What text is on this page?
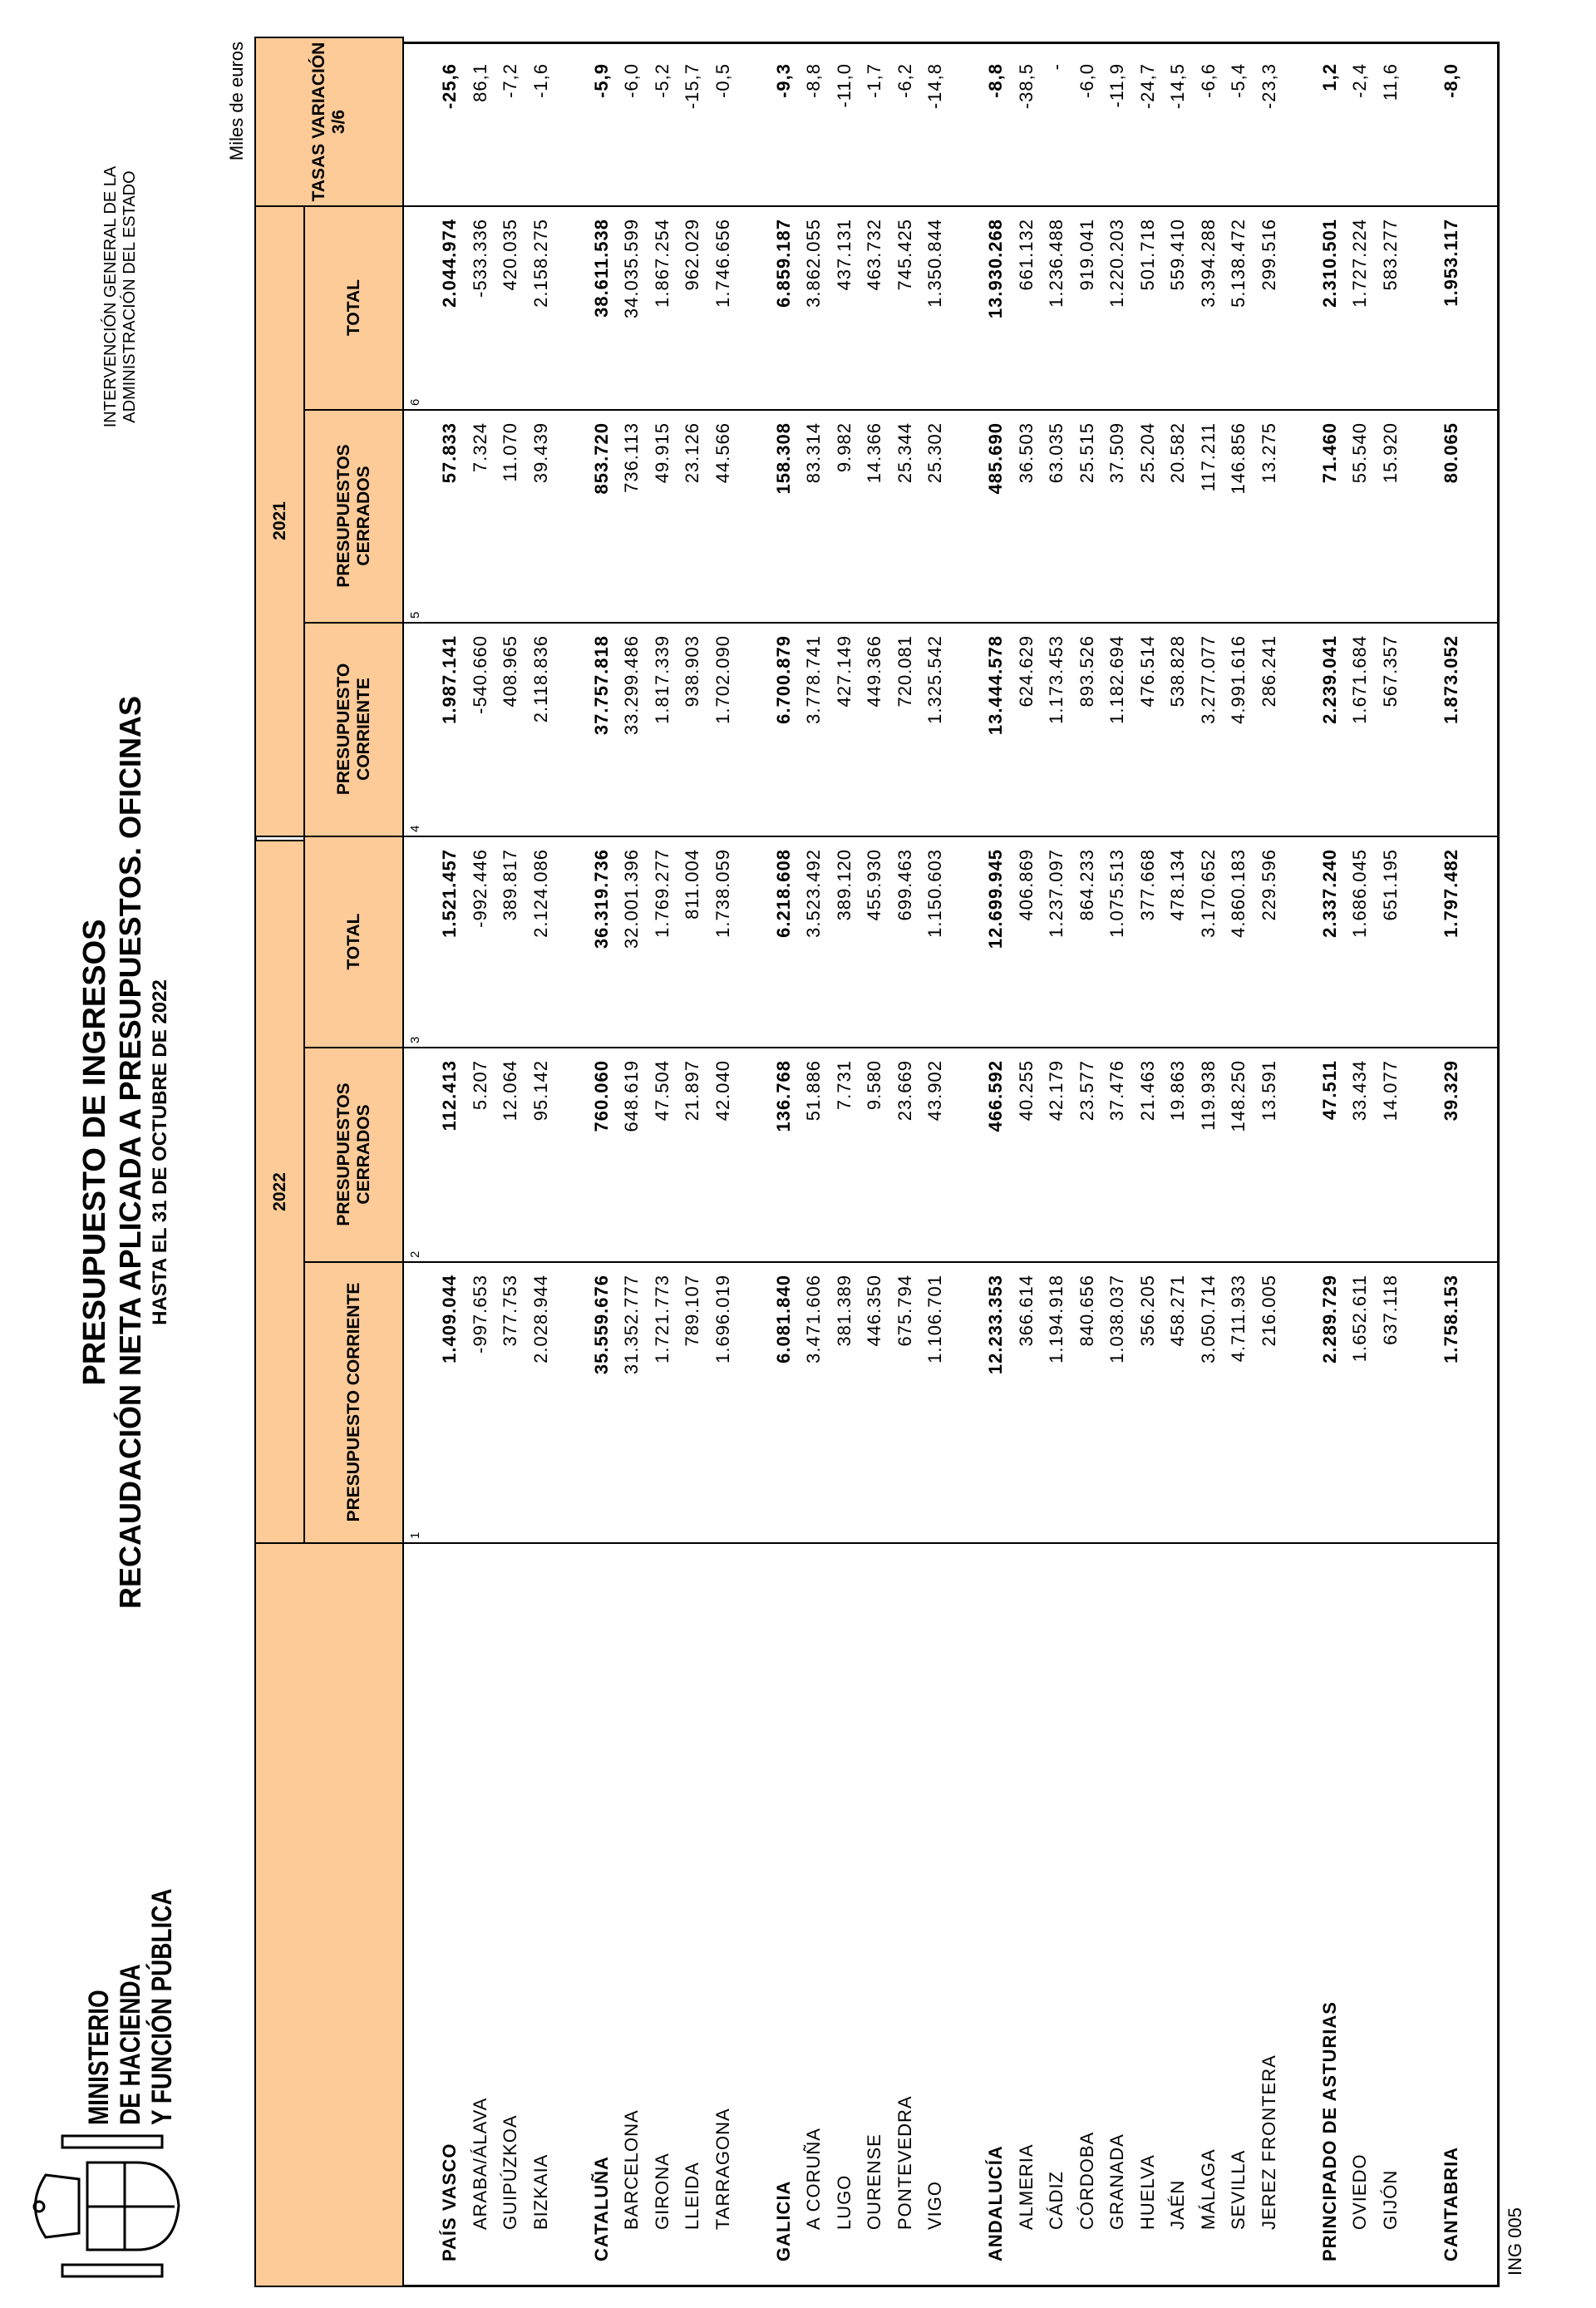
MINISTERIO DE HACIENDA Y FUNCIÓN PÚBLICA
PRESUPUESTO DE INGRESOS RECAUDACIÓN NETA APLICADA A PRESUPUESTOS. OFICINAS HASTA EL 31 DE OCTUBRE DE 2022
INTERVENCIÓN GENERAL DE LA ADMINISTRACIÓN DEL ESTADO
Miles de euros
ING 005
2022
2021
PRESUPUESTO CORRIENTE
PRESUPUESTOS CERRADOS
TOTAL
PRESUPUESTO CORRIENTE
PRESUPUESTOS CERRADOS
TOTAL
TASAS VARIACIÓN 3/6
1
2
3
4
5
6
PAÍS VASCO
1.409.044
112.413
1.521.457
1.987.141
57.833
2.044.974
-25,6
ARABA/ÁLAVA
-997.653
5.207
-992.446
-540.660
7.324
-533.336
86,1
GUIPÚZKOA
377.753
12.064
389.817
408.965
11.070
420.035
-7,2
BIZKAIA
2.028.944
95.142
2.124.086
2.118.836
39.439
2.158.275
-1,6
CATALUÑA
35.559.676
760.060
36.319.736
37.757.818
853.720
38.611.538
-5,9
BARCELONA
31.352.777
648.619
32.001.396
33.299.486
736.113
34.035.599
-6,0
GIRONA
1.721.773
47.504
1.769.277
1.817.339
49.915
1.867.254
-5,2
LLEIDA
789.107
21.897
811.004
938.903
23.126
962.029
-15,7
TARRAGONA
1.696.019
42.040
1.738.059
1.702.090
44.566
1.746.656
-0,5
GALICIA
6.081.840
136.768
6.218.608
6.700.879
158.308
6.859.187
-9,3
A CORUÑA
3.471.606
51.886
3.523.492
3.778.741
83.314
3.862.055
-8,8
LUGO
381.389
7.731
389.120
427.149
9.982
437.131
-11,0
OURENSE
446.350
9.580
455.930
449.366
14.366
463.732
-1,7
PONTEVEDRA
675.794
23.669
699.463
720.081
25.344
745.425
-6,2
VIGO
1.106.701
43.902
1.150.603
1.325.542
25.302
1.350.844
-14,8
ANDALUCÍA
12.233.353
466.592
12.699.945
13.444.578
485.690
13.930.268
-8,8
ALMERIA
366.614
40.255
406.869
624.629
36.503
661.132
-38,5
CÁDIZ
1.194.918
42.179
1.237.097
1.173.453
63.035
1.236.488
-
CÓRDOBA
840.656
23.577
864.233
893.526
25.515
919.041
-6,0
GRANADA
1.038.037
37.476
1.075.513
1.182.694
37.509
1.220.203
-11,9
HUELVA
356.205
21.463
377.668
476.514
25.204
501.718
-24,7
JAÉN
458.271
19.863
478.134
538.828
20.582
559.410
-14,5
MÁLAGA
3.050.714
119.938
3.170.652
3.277.077
117.211
3.394.288
-6,6
SEVILLA
4.711.933
148.250
4.860.183
4.991.616
146.856
5.138.472
-5,4
JEREZ FRONTERA
216.005
13.591
229.596
286.241
13.275
299.516
-23,3
PRINCIPADO DE ASTURIAS
2.289.729
47.511
2.337.240
2.239.041
71.460
2.310.501
1,2
OVIEDO
1.652.611
33.434
1.686.045
1.671.684
55.540
1.727.224
-2,4
GIJÓN
637.118
14.077
651.195
567.357
15.920
583.277
11,6
CANTABRIA
1.758.153
39.329
1.797.482
1.873.052
80.065
1.953.117
-8,0
